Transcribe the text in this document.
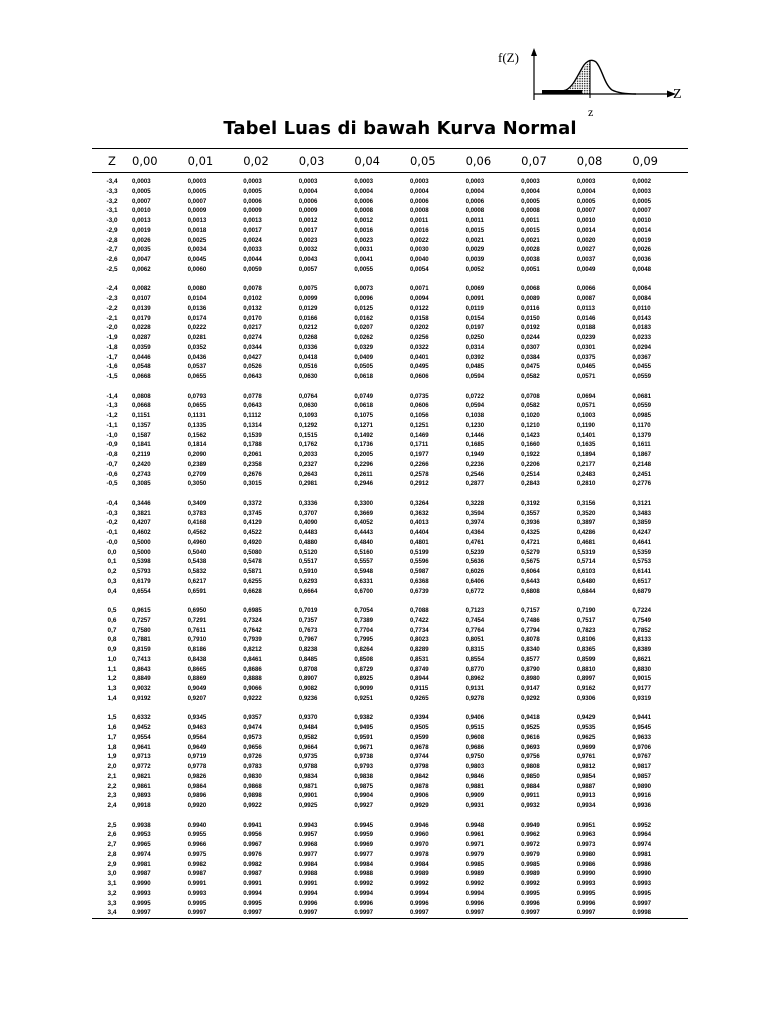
f(Z)
Z
z
Tabel Luas di bawah Kurva Normal
Z	0,00	0,01	0,02	0,03	0,04	0,05	0,06	0,07	0,08	0,09

-3,4	0,0003	0,0003	0,0003	0,0003	0,0003	0,0003	0,0003	0,0003	0,0003	0,0002
-3,3	0,0005	0,0005	0,0005	0,0004	0,0004	0,0004	0,0004	0,0004	0,0004	0,0003
-3,2	0,0007	0,0007	0,0006	0,0006	0,0006	0,0006	0,0006	0,0005	0,0005	0,0005
-3,1	0,0010	0,0009	0,0009	0,0009	0,0008	0,0008	0,0008	0,0008	0,0007	0,0007
-3,0	0,0013	0,0013	0,0013	0,0012	0,0012	0,0011	0,0011	0,0011	0,0010	0,0010
-2,9	0,0019	0,0018	0,0017	0,0017	0,0016	0,0016	0,0015	0,0015	0,0014	0,0014
-2,8	0,0026	0,0025	0,0024	0,0023	0,0023	0,0022	0,0021	0,0021	0,0020	0,0019
-2,7	0,0035	0,0034	0,0033	0,0032	0,0031	0,0030	0,0029	0,0028	0,0027	0,0026
-2,6	0,0047	0,0045	0,0044	0,0043	0,0041	0,0040	0,0039	0,0038	0,0037	0,0036
-2,5	0,0062	0,0060	0,0059	0,0057	0,0055	0,0054	0,0052	0,0051	0,0049	0,0048

-2,4	0,0082	0,0080	0,0078	0,0075	0,0073	0,0071	0,0069	0,0068	0,0066	0,0064
-2,3	0,0107	0,0104	0,0102	0,0099	0,0096	0,0094	0,0091	0,0089	0,0087	0,0084
-2,2	0,0139	0,0136	0,0132	0,0129	0,0125	0,0122	0,0119	0,0116	0,0113	0,0110
-2,1	0,0179	0,0174	0,0170	0,0166	0,0162	0,0158	0,0154	0,0150	0,0146	0,0143
-2,0	0,0228	0,0222	0,0217	0,0212	0,0207	0,0202	0,0197	0,0192	0,0188	0,0183
-1,9	0,0287	0,0281	0,0274	0,0268	0,0262	0,0256	0,0250	0,0244	0,0239	0,0233
-1,8	0,0359	0,0352	0,0344	0,0336	0,0329	0,0322	0,0314	0,0307	0,0301	0,0294
-1,7	0,0446	0,0436	0,0427	0,0418	0,0409	0,0401	0,0392	0,0384	0,0375	0,0367
-1,6	0,0548	0,0537	0,0526	0,0516	0,0505	0,0495	0,0485	0,0475	0,0465	0,0455
-1,5	0,0668	0,0655	0,0643	0,0630	0,0618	0,0606	0,0594	0,0582	0,0571	0,0559

-1,4	0,0808	0,0793	0,0778	0,0764	0,0749	0,0735	0,0722	0,0708	0,0694	0,0681
-1,3	0,0668	0,0655	0,0643	0,0630	0,0618	0,0606	0,0594	0,0582	0,0571	0,0559
-1,2	0,1151	0,1131	0,1112	0,1093	0,1075	0,1056	0,1038	0,1020	0,1003	0,0985
-1,1	0,1357	0,1335	0,1314	0,1292	0,1271	0,1251	0,1230	0,1210	0,1190	0,1170
-1,0	0,1587	0,1562	0,1539	0,1515	0,1492	0,1469	0,1446	0,1423	0,1401	0,1379
-0,9	0,1841	0,1814	0,1788	0,1762	0,1736	0,1711	0,1685	0,1660	0,1635	0,1611
-0,8	0,2119	0,2090	0,2061	0,2033	0,2005	0,1977	0,1949	0,1922	0,1894	0,1867
-0,7	0,2420	0,2389	0,2358	0,2327	0,2296	0,2266	0,2236	0,2206	0,2177	0,2148
-0,6	0,2743	0,2709	0,2676	0,2643	0,2611	0,2578	0,2546	0,2514	0,2483	0,2451
-0,5	0,3085	0,3050	0,3015	0,2981	0,2946	0,2912	0,2877	0,2843	0,2810	0,2776

-0,4	0,3446	0,3409	0,3372	0,3336	0,3300	0,3264	0,3228	0,3192	0,3156	0,3121
-0,3	0,3821	0,3783	0,3745	0,3707	0,3669	0,3632	0,3594	0,3557	0,3520	0,3483
-0,2	0,4207	0,4168	0,4129	0,4090	0,4052	0,4013	0,3974	0,3936	0,3897	0,3859
-0,1	0,4602	0,4562	0,4522	0,4483	0,4443	0,4404	0,4364	0,4325	0,4286	0,4247
-0,0	0,5000	0,4960	0,4920	0,4880	0,4840	0,4801	0,4761	0,4721	0,4681	0,4641
0,0	0,5000	0,5040	0,5080	0,5120	0,5160	0,5199	0,5239	0,5279	0,5319	0,5359
0,1	0,5398	0,5438	0,5478	0,5517	0,5557	0,5596	0,5636	0,5675	0,5714	0,5753
0,2	0,5793	0,5832	0,5871	0,5910	0,5948	0,5987	0,6026	0,6064	0,6103	0,6141
0,3	0,6179	0,6217	0,6255	0,6293	0,6331	0,6368	0,6406	0,6443	0,6480	0,6517
0,4	0,6554	0,6591	0,6628	0,6664	0,6700	0,6739	0,6772	0,6808	0,6844	0,6879

0,5	0,9615	0,6950	0,6985	0,7019	0,7054	0,7088	0,7123	0,7157	0,7190	0,7224
0,6	0,7257	0,7291	0,7324	0,7357	0,7389	0,7422	0,7454	0,7486	0,7517	0,7549
0,7	0,7580	0,7611	0,7642	0,7673	0,7704	0,7734	0,7764	0,7794	0,7823	0,7852
0,8	0,7881	0,7910	0,7939	0,7967	0,7995	0,8023	0,8051	0,8078	0,8106	0,8133
0,9	0,8159	0,8186	0,8212	0,8238	0,8264	0,8289	0,8315	0,8340	0,8365	0,8389
1,0	0,7413	0,8438	0,8461	0,8485	0,8508	0,8531	0,8554	0,8577	0,8599	0,8621
1,1	0,8643	0,8665	0,8686	0,8708	0,8729	0,8749	0,8770	0,8790	0,8810	0,8830
1,2	0,8849	0,8869	0,8888	0,8907	0,8925	0,8944	0,8962	0,8980	0,8997	0,9015
1,3	0,9032	0,9049	0,9066	0,9082	0,9099	0,9115	0,9131	0,9147	0,9162	0,9177
1,4	0,9192	0,9207	0,9222	0,9236	0,9251	0,9265	0,9278	0,9292	0,9306	0,9319

1,5	0,6332	0,9345	0,9357	0,9370	0,9382	0,9394	0,9406	0,9418	0,9429	0,9441
1,6	0,9452	0,9463	0,9474	0,9484	0,9495	0,9505	0,9515	0,9525	0,9535	0,9545
1,7	0,9554	0,9564	0,9573	0,9582	0,9591	0,9599	0,9608	0,9616	0,9625	0,9633
1,8	0,9641	0,9649	0,9656	0,9664	0,9671	0,9678	0,9686	0,9693	0,9699	0,9706
1,9	0,9713	0,9719	0,9726	0,9735	0,9738	0,9744	0,9750	0,9756	0,9761	0,9767
2,0	0,9772	0,9778	0,9783	0,9788	0,9793	0,9798	0,9803	0,9808	0,9812	0,9817
2,1	0,9821	0,9826	0,9830	0,9834	0,9838	0,9842	0,9846	0,9850	0,9854	0,9857
2,2	0,9861	0,9864	0,9868	0,9871	0,9875	0,9878	0,9881	0,9884	0,9887	0,9890
2,3	0,9893	0,9896	0,9898	0,9901	0,9904	0,9906	0,9909	0,9911	0,9913	0,9916
2,4	0,9918	0,9920	0,9922	0,9925	0,9927	0,9929	0,9931	0,9932	0,9934	0,9936

2,5	0.9938	0.9940	0.9941	0.9943	0.9945	0.9946	0.9948	0.9949	0.9951	0.9952
2,6	0.9953	0.9955	0.9956	0.9957	0.9959	0.9960	0.9961	0.9962	0.9963	0.9964
2,7	0.9965	0.9966	0.9967	0.9968	0.9969	0.9970	0.9971	0.9972	0.9973	0.9974
2,8	0.9974	0.9975	0.9976	0.9977	0.9977	0.9978	0.9979	0.9979	0.9980	0.9981
2,9	0.9981	0.9982	0.9982	0.9984	0.9984	0.9984	0.9985	0.9985	0.9986	0.9986
3,0	0.9987	0.9987	0.9987	0.9988	0.9988	0.9989	0.9989	0.9989	0.9990	0.9990
3,1	0.9990	0.9991	0.9991	0.9991	0.9992	0.9992	0.9992	0.9992	0.9993	0.9993
3,2	0.9993	0.9993	0.9994	0.9994	0.9994	0.9994	0.9994	0.9995	0.9995	0.9995
3,3	0.9995	0.9995	0.9995	0.9996	0.9996	0.9996	0.9996	0.9996	0.9996	0.9997
3,4	0.9997	0.9997	0.9997	0.9997	0.9997	0.9997	0.9997	0.9997	0.9997	0.9998
